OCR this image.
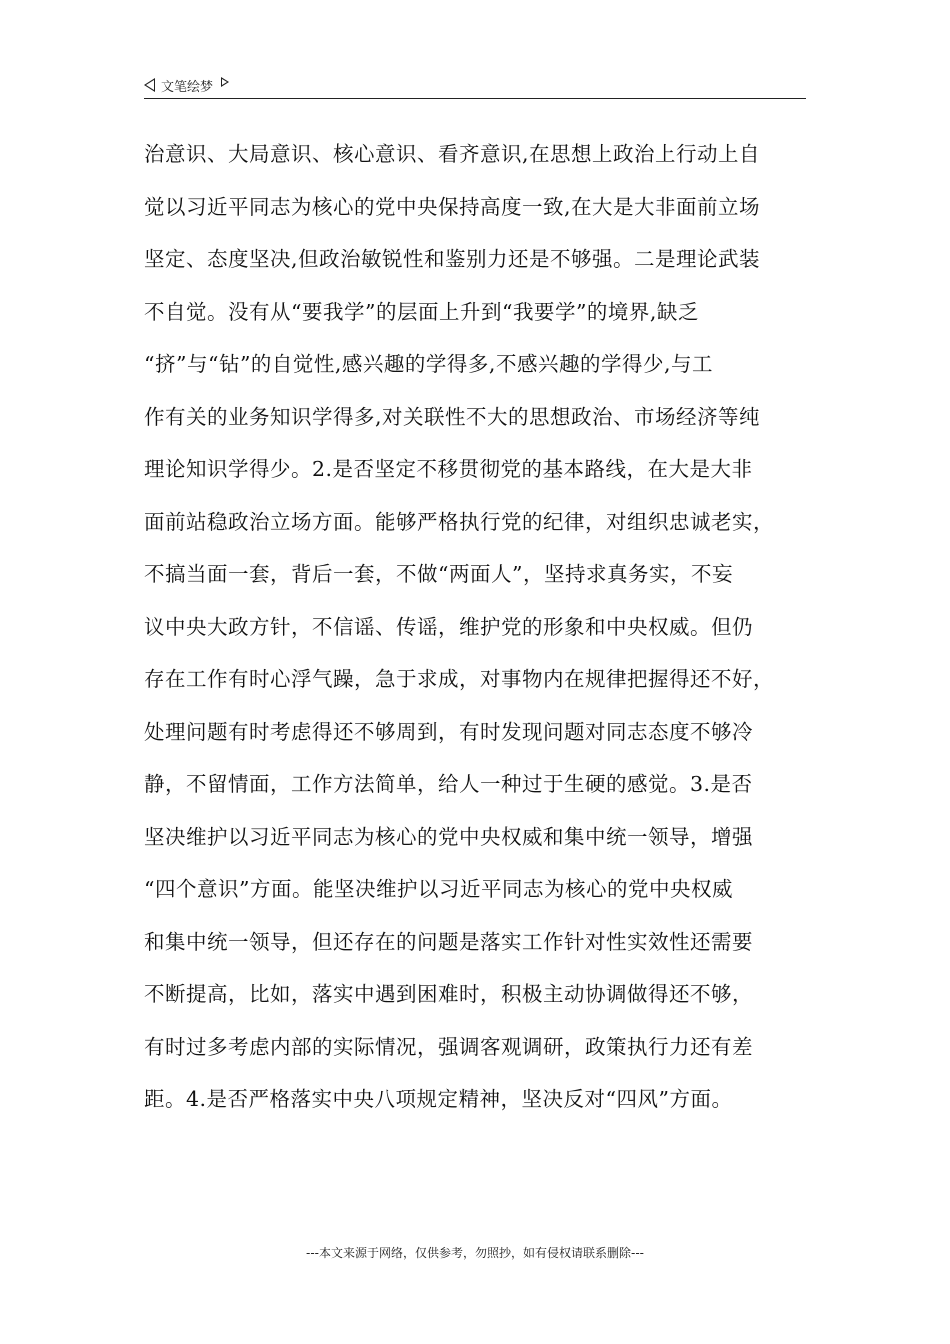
文笔绘梦
治意识、大局意识、核心意识、看齐意识,在思想上政治上行动上自
觉以习近平同志为核心的党中央保持高度一致,在大是大非面前立场
坚定、态度坚决,但政治敏锐性和鉴别力还是不够强。二是理论武装
不自觉。没有从“要我学”的层面上升到“我要学”的境界,缺乏
“挤”与“钻”的自觉性,感兴趣的学得多,不感兴趣的学得少,与工
作有关的业务知识学得多,对关联性不大的思想政治、市场经济等纯
理论知识学得少。2.是否坚定不移贯彻党的基本路线，在大是大非
面前站稳政治立场方面。能够严格执行党的纪律，对组织忠诚老实，
不搞当面一套，背后一套，不做“两面人”，坚持求真务实，不妄
议中央大政方针，不信谣、传谣，维护党的形象和中央权威。但仍
存在工作有时心浮气躁，急于求成，对事物内在规律把握得还不好，
处理问题有时考虑得还不够周到，有时发现问题对同志态度不够冷
静，不留情面，工作方法简单，给人一种过于生硬的感觉。3.是否
坚决维护以习近平同志为核心的党中央权威和集中统一领导，增强
“四个意识”方面。能坚决维护以习近平同志为核心的党中央权威
和集中统一领导，但还存在的问题是落实工作针对性实效性还需要
不断提高，比如，落实中遇到困难时，积极主动协调做得还不够，
有时过多考虑内部的实际情况，强调客观调研，政策执行力还有差
距。4.是否严格落实中央八项规定精神，坚决反对“四风”方面。
---本文来源于网络，仅供参考，勿照抄，如有侵权请联系删除---
